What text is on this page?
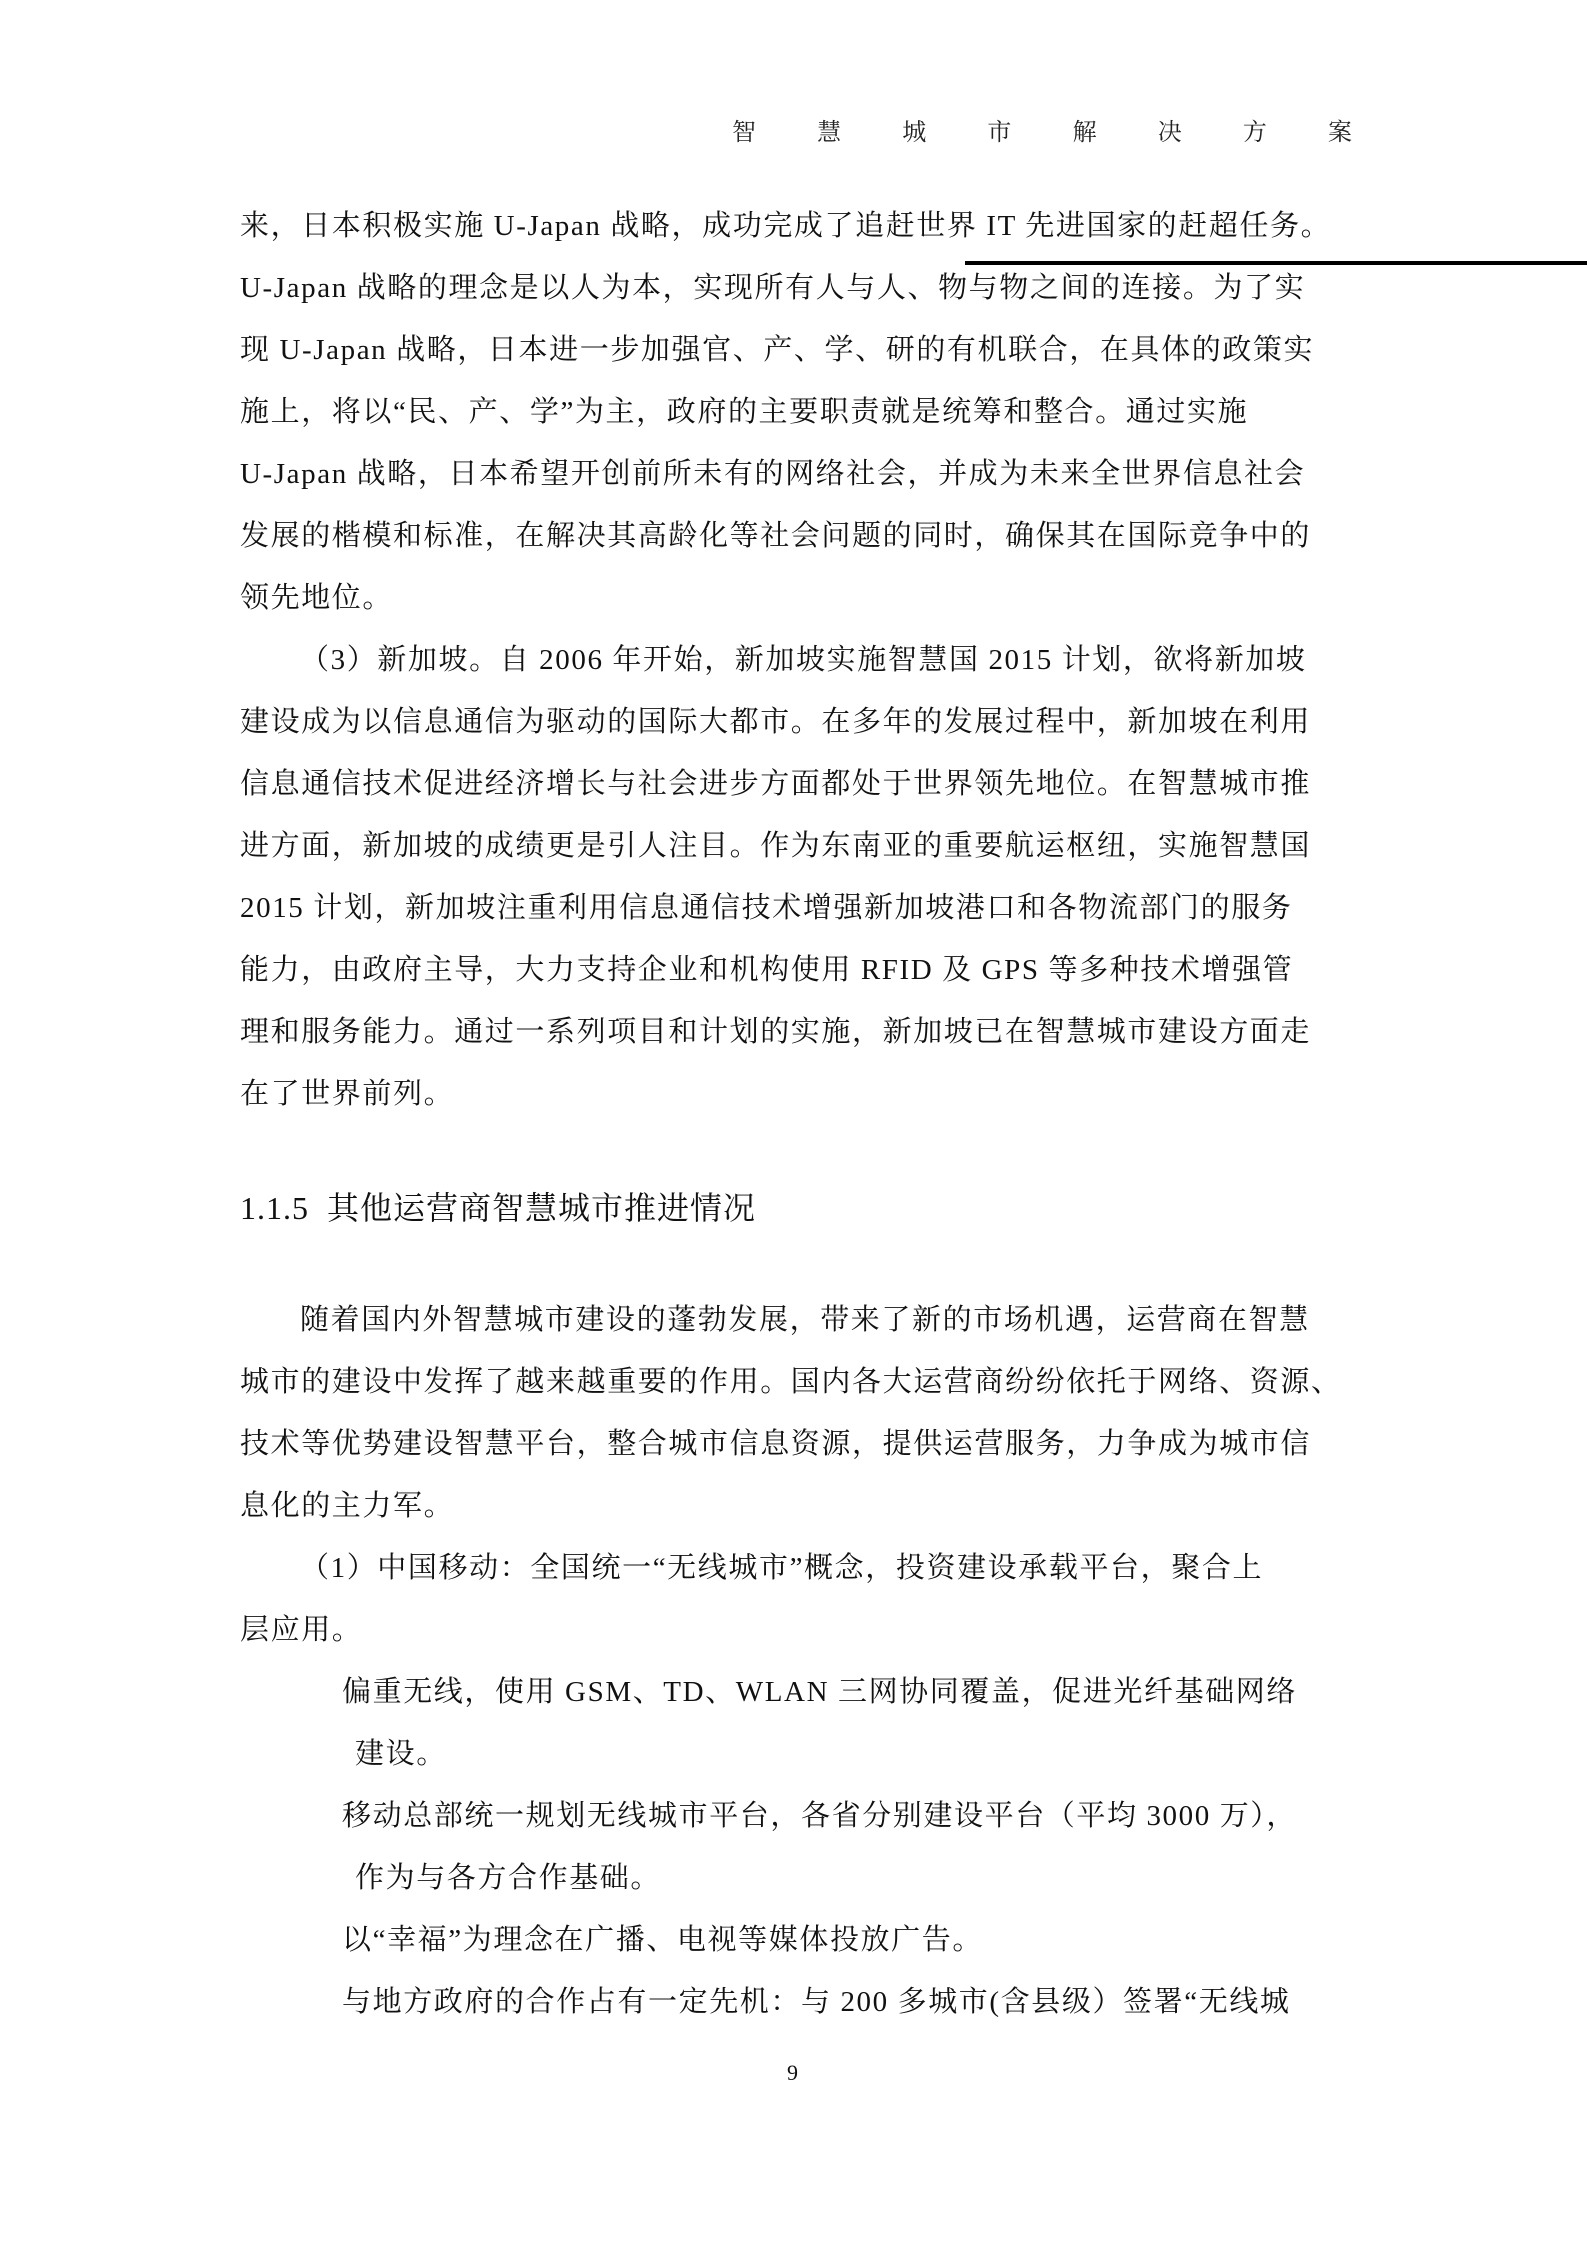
智	慧	城	市	解	决	方	案
来，日本积极实施 U-Japan 战略，成功完成了追赶世界 IT 先进国家的赶超任务。
U-Japan 战略的理念是以人为本，实现所有人与人、物与物之间的连接。为了实
现 U-Japan 战略，日本进一步加强官、产、学、研的有机联合，在具体的政策实
施上，将以“民、产、学”为主，政府的主要职责就是统筹和整合。通过实施
U-Japan 战略，日本希望开创前所未有的网络社会，并成为未来全世界信息社会
发展的楷模和标准，在解决其高龄化等社会问题的同时，确保其在国际竞争中的
领先地位。
（3）新加坡。自 2006 年开始，新加坡实施智慧国 2015 计划，欲将新加坡
建设成为以信息通信为驱动的国际大都市。在多年的发展过程中，新加坡在利用
信息通信技术促进经济增长与社会进步方面都处于世界领先地位。在智慧城市推
进方面，新加坡的成绩更是引人注目。作为东南亚的重要航运枢纽，实施智慧国
2015 计划，新加坡注重利用信息通信技术增强新加坡港口和各物流部门的服务
能力，由政府主导，大力支持企业和机构使用 RFID 及 GPS 等多种技术增强管
理和服务能力。通过一系列项目和计划的实施，新加坡已在智慧城市建设方面走
在了世界前列。
1.1.5  其他运营商智慧城市推进情况
随着国内外智慧城市建设的蓬勃发展，带来了新的市场机遇，运营商在智慧
城市的建设中发挥了越来越重要的作用。国内各大运营商纷纷依托于网络、资源、
技术等优势建设智慧平台，整合城市信息资源，提供运营服务，力争成为城市信
息化的主力军。
（1）中国移动：全国统一“无线城市”概念，投资建设承载平台，聚合上
层应用。
偏重无线，使用 GSM、TD、WLAN 三网协同覆盖，促进光纤基础网络
建设。
移动总部统一规划无线城市平台，各省分别建设平台（平均 3000 万），
作为与各方合作基础。
以“幸福”为理念在广播、电视等媒体投放广告。
与地方政府的合作占有一定先机：与 200 多城市(含县级）签署“无线城
9
